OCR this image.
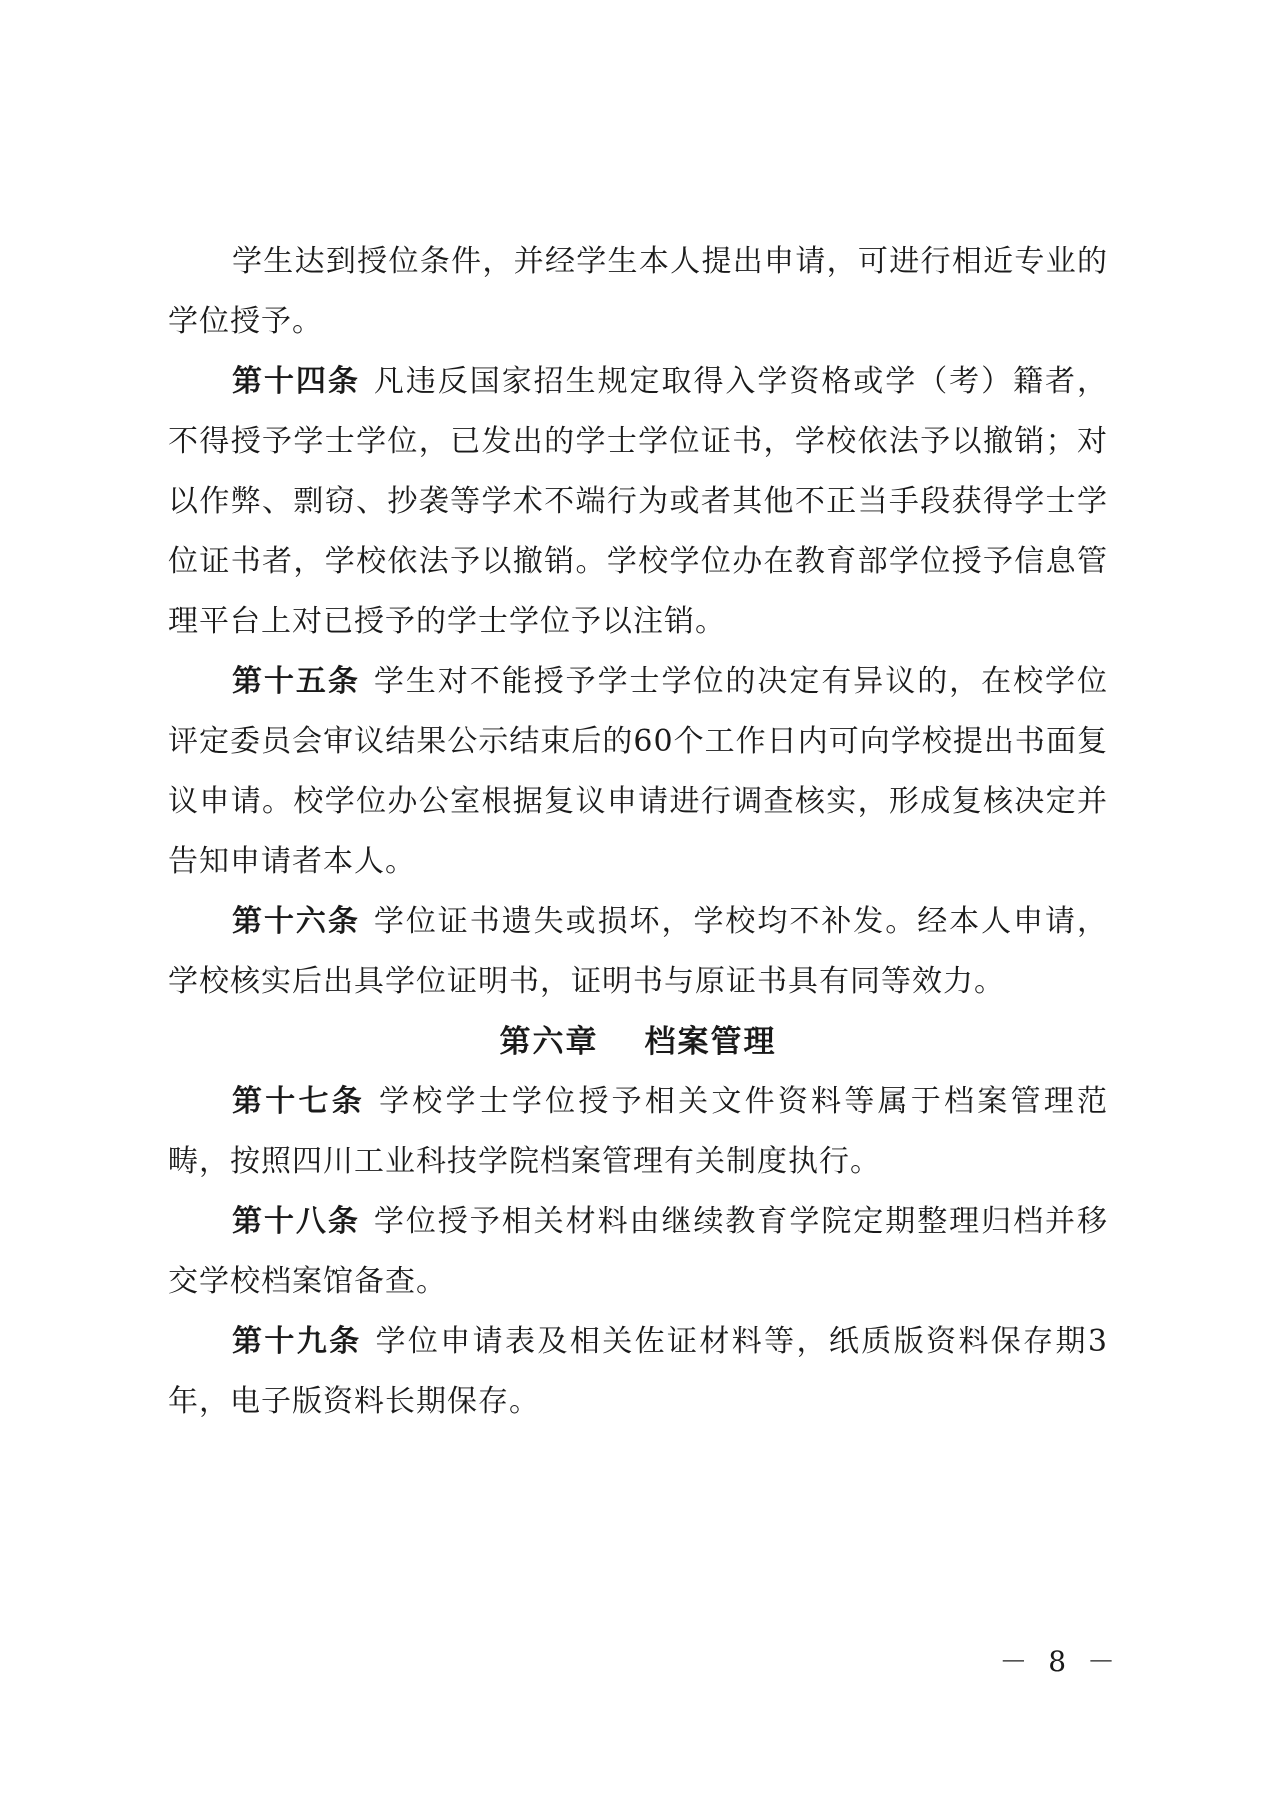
学生达到授位条件，并经学生本人提出申请，可进行相近专业的学位授予。

第十四条 凡违反国家招生规定取得入学资格或学（考）籍者，不得授予学士学位，已发出的学士学位证书，学校依法予以撤销；对以作弊、剽窃、抄袭等学术不端行为或者其他不正当手段获得学士学位证书者，学校依法予以撤销。学校学位办在教育部学位授予信息管理平台上对已授予的学士学位予以注销。

第十五条 学生对不能授予学士学位的决定有异议的，在校学位评定委员会审议结果公示结束后的60个工作日内可向学校提出书面复议申请。校学位办公室根据复议申请进行调查核实，形成复核决定并告知申请者本人。

第十六条 学位证书遗失或损坏，学校均不补发。经本人申请，学校核实后出具学位证明书，证明书与原证书具有同等效力。

第六章 档案管理

第十七条 学校学士学位授予相关文件资料等属于档案管理范畴，按照四川工业科技学院档案管理有关制度执行。

第十八条 学位授予相关材料由继续教育学院定期整理归档并移交学校档案馆备查。

第十九条 学位申请表及相关佐证材料等，纸质版资料保存期3年，电子版资料长期保存。

－ 8 －
